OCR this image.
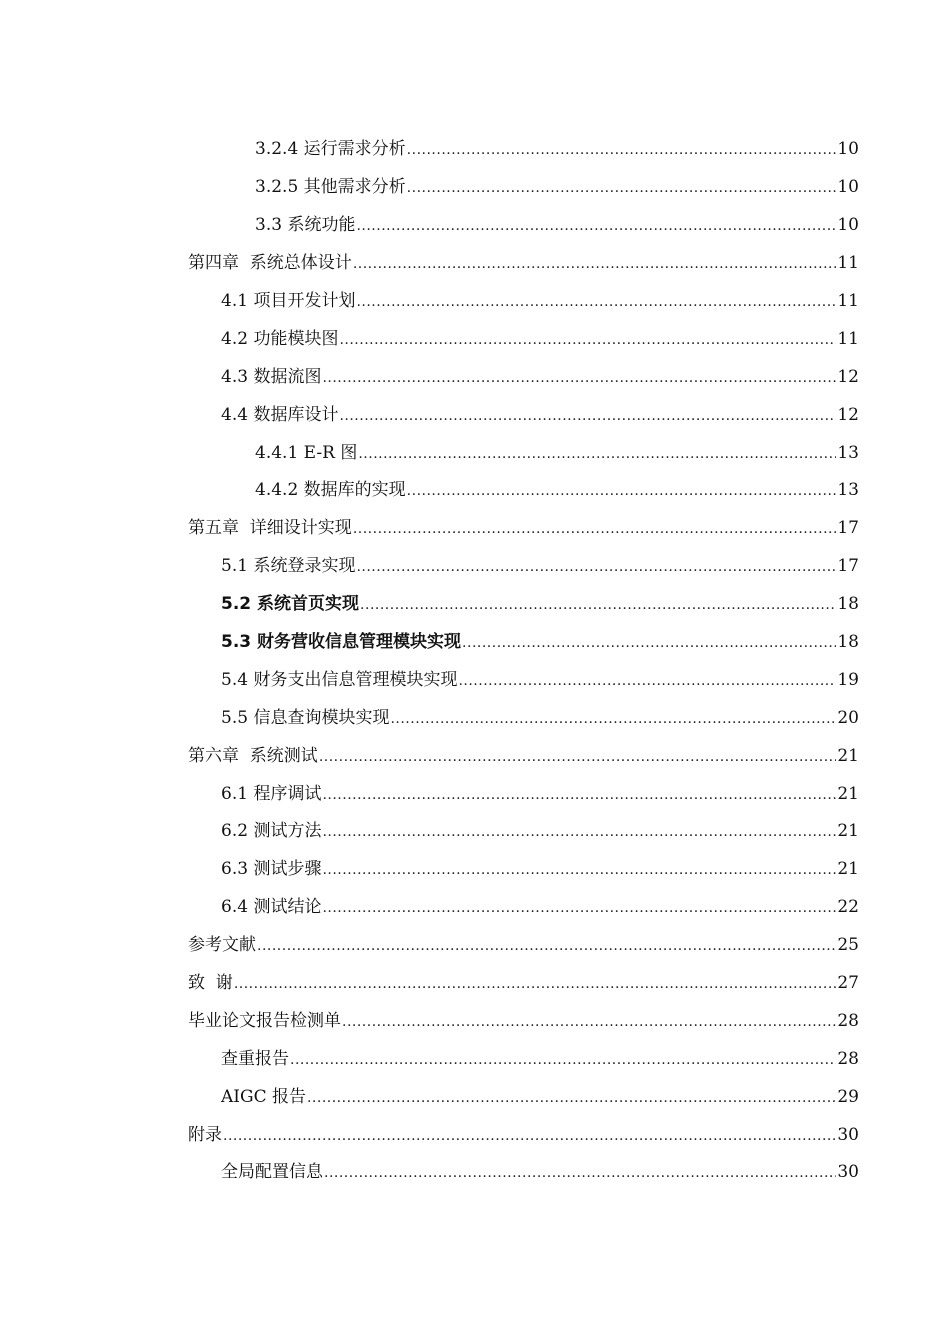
3.2.4 运行需求分析 .....	10
3.2.5 其他需求分析 .....	10
3.3 系统功能 .....	10
第四章  系统总体设计 .....	11
4.1 项目开发计划 .....	11
4.2 功能模块图 .....	11
4.3 数据流图 .....	12
4.4 数据库设计 .....	12
4.4.1 E-R 图 .....	13
4.4.2 数据库的实现 .....	13
第五章  详细设计实现 .....	17
5.1 系统登录实现 .....	17
5.2 系统首页实现 .....	18
5.3 财务营收信息管理模块实现 .....	18
5.4 财务支出信息管理模块实现 .....	19
5.5 信息查询模块实现 .....	20
第六章  系统测试 .....	21
6.1 程序调试 .....	21
6.2 测试方法 .....	21
6.3 测试步骤 .....	21
6.4 测试结论 .....	22
参考文献 .....	25
致  谢 .....	27
毕业论文报告检测单 .....	28
查重报告 .....	28
AIGC 报告 .....	29
附录 .....	30
全局配置信息 .....	30
